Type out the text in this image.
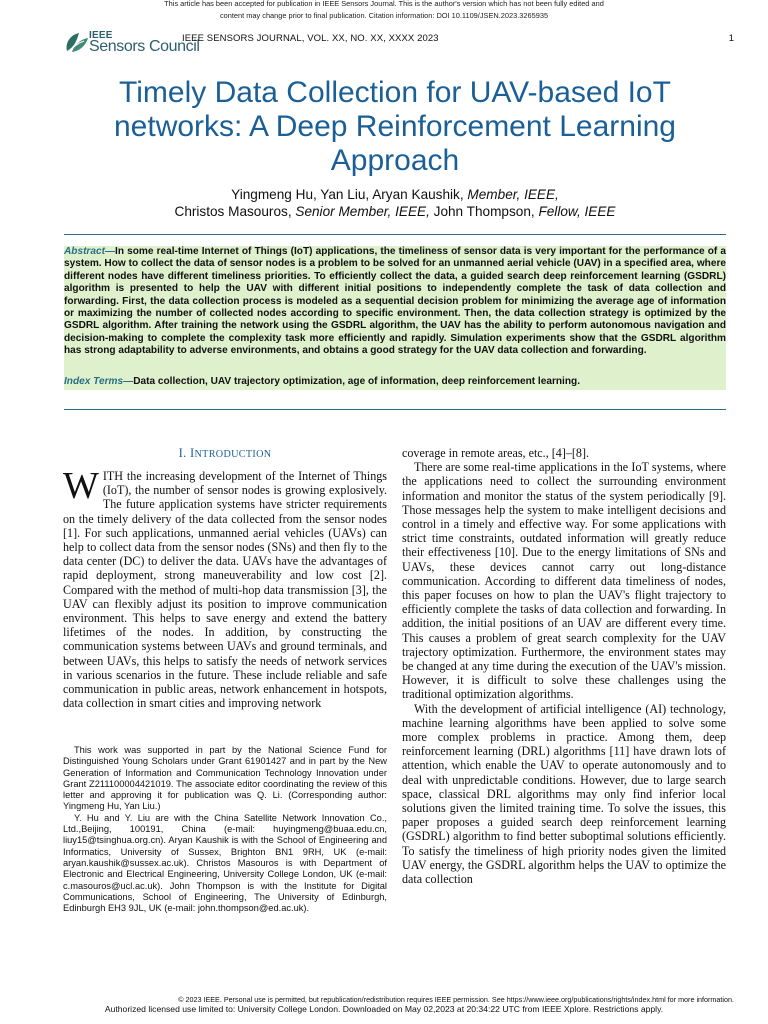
This article has been accepted for publication in IEEE Sensors Journal. This is the author's version which has not been fully edited and
content may change prior to final publication. Citation information: DOI 10.1109/JSEN.2023.3265935
IEEE
Sensors Council
IEEE SENSORS JOURNAL, VOL. XX, NO. XX, XXXX 2023	1
Timely Data Collection for UAV-based IoT networks: A Deep Reinforcement Learning Approach
Yingmeng Hu, Yan Liu, Aryan Kaushik, Member, IEEE,
Christos Masouros, Senior Member, IEEE, John Thompson, Fellow, IEEE
Abstract—In some real-time Internet of Things (IoT) applications, the timeliness of sensor data is very important for the performance of a system. How to collect the data of sensor nodes is a problem to be solved for an unmanned aerial vehicle (UAV) in a specified area, where different nodes have different timeliness priorities. To efficiently collect the data, a guided search deep reinforcement learning (GSDRL) algorithm is presented to help the UAV with different initial positions to independently complete the task of data collection and forwarding. First, the data collection process is modeled as a sequential decision problem for minimizing the average age of information or maximizing the number of collected nodes according to specific environment. Then, the data collection strategy is optimized by the GSDRL algorithm. After training the network using the GSDRL algorithm, the UAV has the ability to perform autonomous navigation and decision-making to complete the complexity task more efficiently and rapidly. Simulation experiments show that the GSDRL algorithm has strong adaptability to adverse environments, and obtains a good strategy for the UAV data collection and forwarding.
Index Terms—Data collection, UAV trajectory optimization, age of information, deep reinforcement learning.
I. INTRODUCTION
WITH the increasing development of the Internet of Things (IoT), the number of sensor nodes is growing explosively. The future application systems have stricter requirements on the timely delivery of the data collected from the sensor nodes [1]. For such applications, unmanned aerial vehicles (UAVs) can help to collect data from the sensor nodes (SNs) and then fly to the data center (DC) to deliver the data. UAVs have the advantages of rapid deployment, strong maneuverability and low cost [2]. Compared with the method of multi-hop data transmission [3], the UAV can flexibly adjust its position to improve communication environment. This helps to save energy and extend the battery lifetimes of the nodes. In addition, by constructing the communication systems between UAVs and ground terminals, and between UAVs, this helps to satisfy the needs of network services in various scenarios in the future. These include reliable and safe communication in public areas, network enhancement in hotspots, data collection in smart cities and improving network

This work was supported in part by the National Science Fund for Distinguished Young Scholars under Grant 61901427 and in part by the New Generation of Information and Communication Technology Innovation under Grant Z211100004421019. The associate editor coordinating the review of this letter and approving it for publication was Q. Li. (Corresponding author: Yingmeng Hu, Yan Liu.)

Y. Hu and Y. Liu are with the China Satellite Network Innovation Co., Ltd.,Beijing, 100191, China (e-mail: huyingmeng@buaa.edu.cn, liuy15@tsinghua.org.cn). Aryan Kaushik is with the School of Engineering and Informatics, University of Sussex, Brighton BN1 9RH, UK (e-mail: aryan.kaushik@sussex.ac.uk). Christos Masouros is with Department of Electronic and Electrical Engineering, University College London, UK (e-mail: c.masouros@ucl.ac.uk). John Thompson is with the Institute for Digital Communications, School of Engineering, The University of Edinburgh, Edinburgh EH3 9JL, UK (e-mail: john.thompson@ed.ac.uk).

coverage in remote areas, etc., [4]–[8].

There are some real-time applications in the IoT systems, where the applications need to collect the surrounding environment information and monitor the status of the system periodically [9]. Those messages help the system to make intelligent decisions and control in a timely and effective way. For some applications with strict time constraints, outdated information will greatly reduce their effectiveness [10]. Due to the energy limitations of SNs and UAVs, these devices cannot carry out long-distance communication. According to different data timeliness of nodes, this paper focuses on how to plan the UAV's flight trajectory to efficiently complete the tasks of data collection and forwarding. In addition, the initial positions of an UAV are different every time. This causes a problem of great search complexity for the UAV trajectory optimization. Furthermore, the environment states may be changed at any time during the execution of the UAV's mission. However, it is difficult to solve these challenges using the traditional optimization algorithms.

With the development of artificial intelligence (AI) technology, machine learning algorithms have been applied to solve some more complex problems in practice. Among them, deep reinforcement learning (DRL) algorithms [11] have drawn lots of attention, which enable the UAV to operate autonomously and to deal with unpredictable conditions. However, due to large search space, classical DRL algorithms may only find inferior local solutions given the limited training time. To solve the issues, this paper proposes a guided search deep reinforcement learning (GSDRL) algorithm to find better suboptimal solutions efficiently. To satisfy the timeliness of high priority nodes given the limited UAV energy, the GSDRL algorithm helps the UAV to optimize the data collection

© 2023 IEEE. Personal use is permitted, but republication/redistribution requires IEEE permission. See https://www.ieee.org/publications/rights/index.html for more information.
Authorized licensed use limited to: University College London. Downloaded on May 02,2023 at 20:34:22 UTC from IEEE Xplore. Restrictions apply.
